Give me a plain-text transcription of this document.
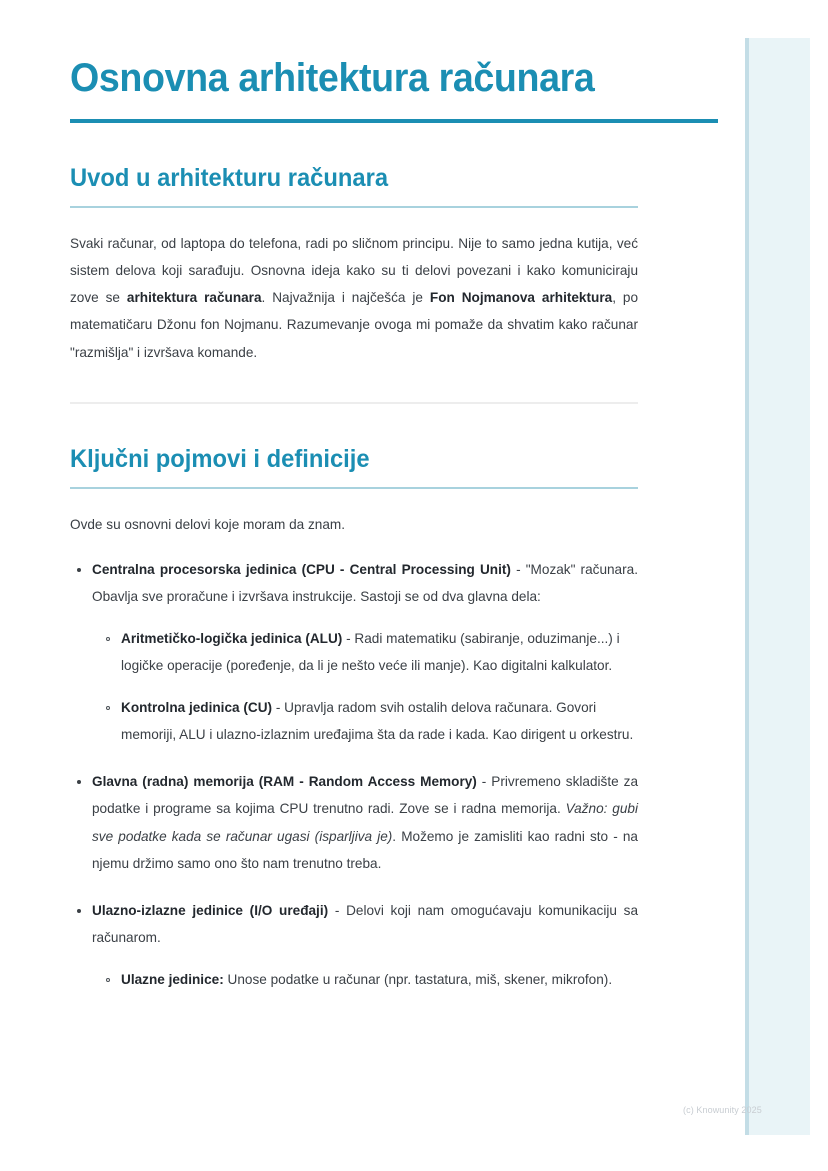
Osnovna arhitektura računara
Uvod u arhitekturu računara

Svaki računar, od laptopa do telefona, radi po sličnom principu. Nije to samo jedna kutija, već sistem delova koji sarađuju. Osnovna ideja kako su ti delovi povezani i kako komuniciraju zove se arhitektura računara. Najvažnija i najčešća je Fon Nojmanova arhitektura, po matematičaru Džonu fon Nojmanu. Razumevanje ovoga mi pomaže da shvatim kako računar "razmišlja" i izvršava komande.

Ključni pojmovi i definicije

Ovde su osnovni delovi koje moram da znam.

Centralna procesorska jedinica (CPU - Central Processing Unit) - "Mozak" računara. Obavlja sve proračune i izvršava instrukcije. Sastoji se od dva glavna dela:
Aritmetičko-logička jedinica (ALU) - Radi matematiku (sabiranje, oduzimanje...) i logičke operacije (poređenje, da li je nešto veće ili manje). Kao digitalni kalkulator.
Kontrolna jedinica (CU) - Upravlja radom svih ostalih delova računara. Govori memoriji, ALU i ulazno-izlaznim uređajima šta da rade i kada. Kao dirigent u orkestru.
Glavna (radna) memorija (RAM - Random Access Memory) - Privremeno skladište za podatke i programe sa kojima CPU trenutno radi. Zove se i radna memorija. Važno: gubi sve podatke kada se računar ugasi (isparljiva je). Možemo je zamisliti kao radni sto - na njemu držimo samo ono što nam trenutno treba.
Ulazno-izlazne jedinice (I/O uređaji) - Delovi koji nam omogućavaju komunikaciju sa računarom.
Ulazne jedinice: Unose podatke u računar (npr. tastatura, miš, skener, mikrofon).
(c) Knowunity 2025
